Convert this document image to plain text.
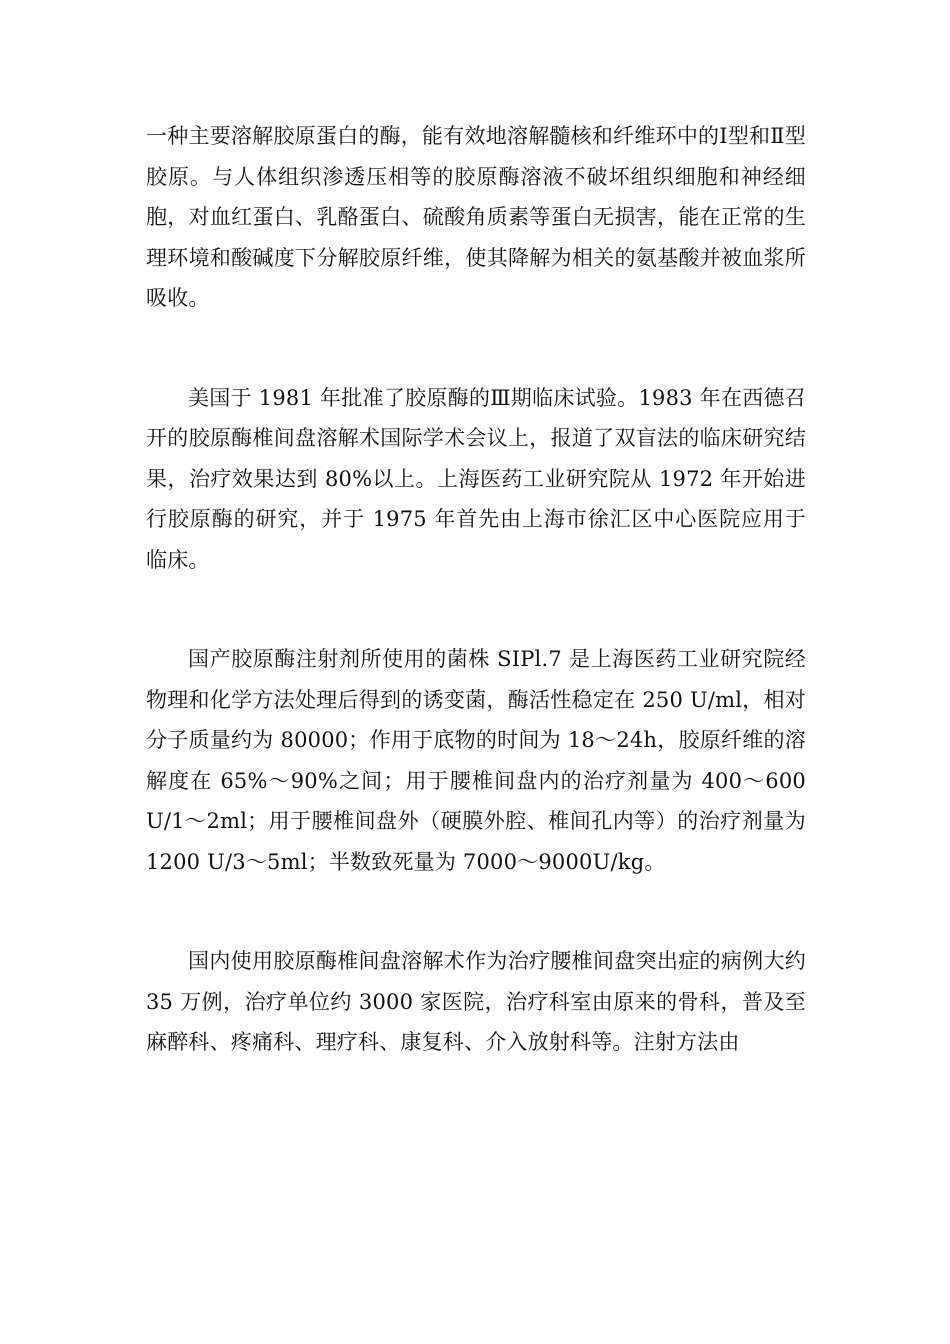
一种主要溶解胶原蛋白的酶，能有效地溶解髓核和纤维环中的Ⅰ型和Ⅱ型胶原。与人体组织渗透压相等的胶原酶溶液不破坏组织细胞和神经细胞，对血红蛋白、乳酪蛋白、硫酸角质素等蛋白无损害，能在正常的生理环境和酸碱度下分解胶原纤维，使其降解为相关的氨基酸并被血浆所吸收。

美国于 1981 年批准了胶原酶的Ⅲ期临床试验。1983 年在西德召开的胶原酶椎间盘溶解术国际学术会议上，报道了双盲法的临床研究结果，治疗效果达到 80%以上。上海医药工业研究院从 1972 年开始进行胶原酶的研究，并于 1975 年首先由上海市徐汇区中心医院应用于临床。

国产胶原酶注射剂所使用的菌株 SIPl.7 是上海医药工业研究院经物理和化学方法处理后得到的诱变菌，酶活性稳定在 250 U/ml，相对分子质量约为 80000；作用于底物的时间为 18～24h，胶原纤维的溶解度在 65%～90%之间；用于腰椎间盘内的治疗剂量为 400～600 U/1～2ml；用于腰椎间盘外（硬膜外腔、椎间孔内等）的治疗剂量为 1200 U/3～5ml；半数致死量为 7000～9000U/kg。

国内使用胶原酶椎间盘溶解术作为治疗腰椎间盘突出症的病例大约 35 万例，治疗单位约 3000 家医院，治疗科室由原来的骨科，普及至麻醉科、疼痛科、理疗科、康复科、介入放射科等。注射方法由
